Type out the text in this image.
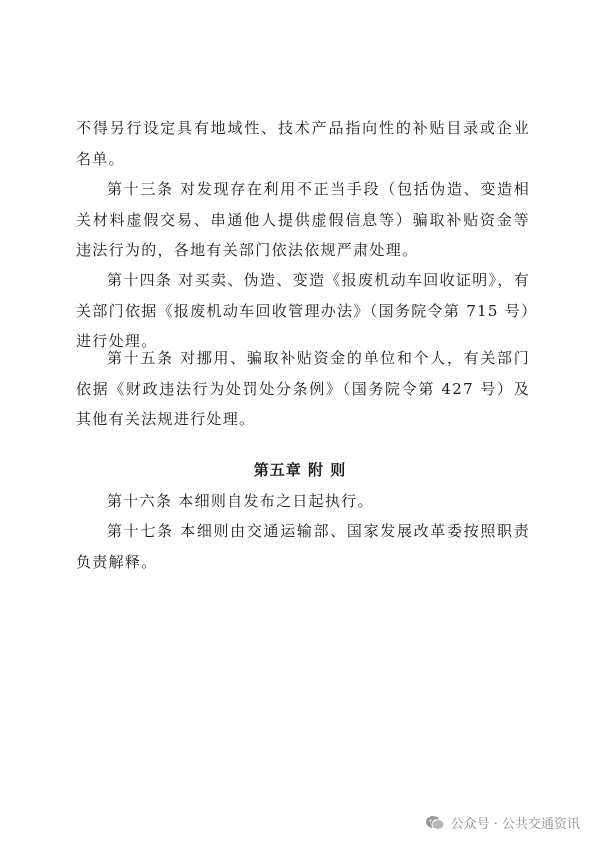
不得另行设定具有地域性、技术产品指向性的补贴目录或企业名单。

第十三条 对发现存在利用不正当手段（包括伪造、变造相关材料虚假交易、串通他人提供虚假信息等）骗取补贴资金等违法行为的，各地有关部门依法依规严肃处理。

第十四条 对买卖、伪造、变造《报废机动车回收证明》，有关部门依据《报废机动车回收管理办法》（国务院令第 715 号）进行处理。

第十五条 对挪用、骗取补贴资金的单位和个人，有关部门依据《财政违法行为处罚处分条例》（国务院令第 427 号）及其他有关法规进行处理。

第五章 附 则

第十六条 本细则自发布之日起执行。

第十七条 本细则由交通运输部、国家发展改革委按照职责负责解释。

公众号 · 公共交通资讯
